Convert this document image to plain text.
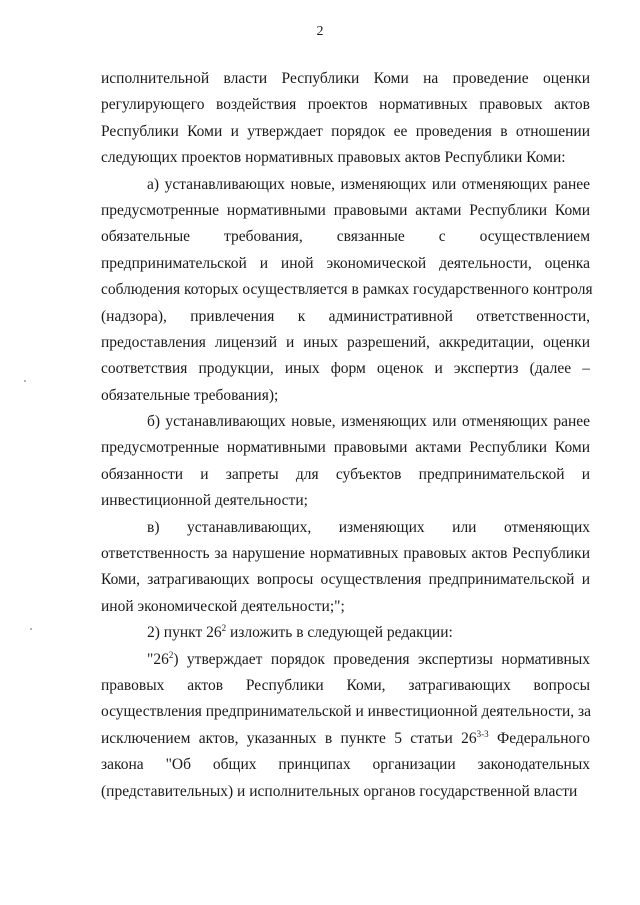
2
исполнительной власти Республики Коми на проведение оценки
регулирующего воздействия проектов нормативных правовых актов
Республики Коми и утверждает порядок ее проведения в отношении
следующих проектов нормативных правовых актов Республики Коми:
а) устанавливающих новые, изменяющих или отменяющих ранее
предусмотренные нормативными правовыми актами Республики Коми
обязательные требования, связанные с осуществлением
предпринимательской и иной экономической деятельности, оценка
соблюдения которых осуществляется в рамках государственного контроля
(надзора), привлечения к административной ответственности,
предоставления лицензий и иных разрешений, аккредитации, оценки
соответствия продукции, иных форм оценок и экспертиз (далее –
обязательные требования);
б) устанавливающих новые, изменяющих или отменяющих ранее
предусмотренные нормативными правовыми актами Республики Коми
обязанности и запреты для субъектов предпринимательской и
инвестиционной деятельности;
в) устанавливающих, изменяющих или отменяющих
ответственность за нарушение нормативных правовых актов Республики
Коми, затрагивающих вопросы осуществления предпринимательской и
иной экономической деятельности;";
2) пункт $26^2$ изложить в следующей редакции:
"$26^2$) утверждает порядок проведения экспертизы нормативных
правовых актов Республики Коми, затрагивающих вопросы
осуществления предпринимательской и инвестиционной деятельности, за
исключением актов, указанных в пункте 5 статьи 26$^{3-3}$ Федерального
закона "Об общих принципах организации законодательных
(представительных) и исполнительных органов государственной власти
